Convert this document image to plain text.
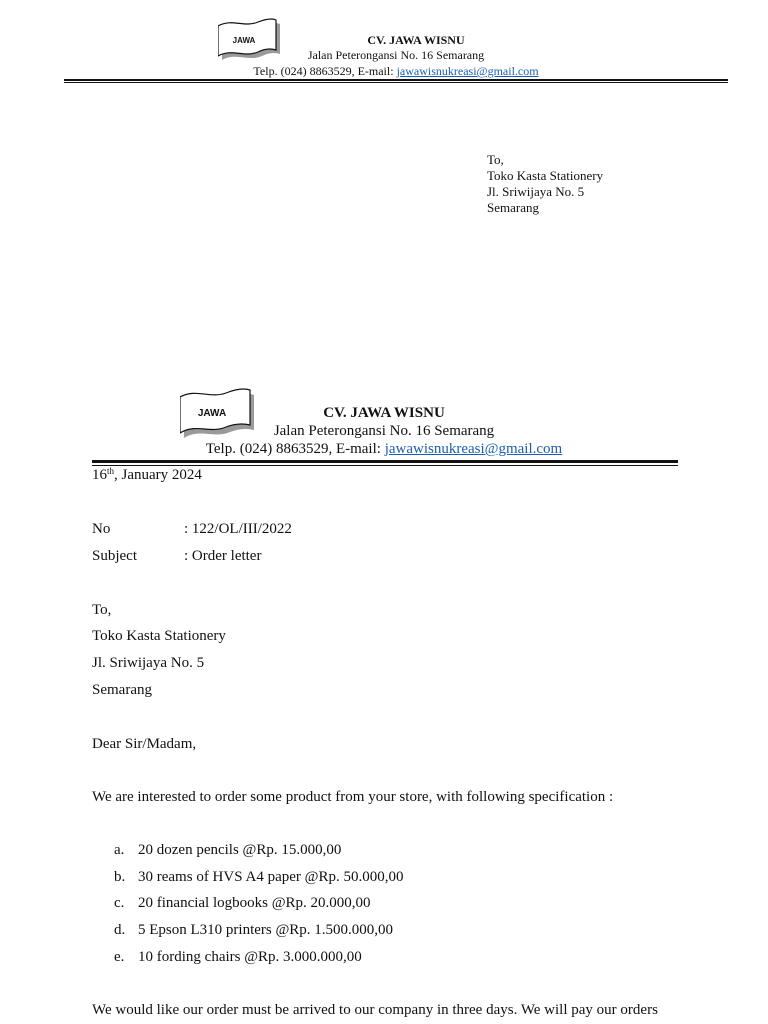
JAWA	CV. JAWA WISNU
Jalan Peterongansi No. 16 Semarang
Telp. (024) 8863529, E-mail: jawawisnukreasi@gmail.com
To,
Toko Kasta Stationery
Jl. Sriwijaya No. 5
Semarang
JAWA	CV. JAWA WISNU
Jalan Peterongansi No. 16 Semarang
Telp. (024) 8863529, E-mail: jawawisnukreasi@gmail.com
16th, January 2024
No	: 122/OL/III/2022
Subject	: Order letter
To,
Toko Kasta Stationery
Jl. Sriwijaya No. 5
Semarang
Dear Sir/Madam,
We are interested to order some product from your store, with following specification :
a. 20 dozen pencils @Rp. 15.000,00
b. 30 reams of HVS A4 paper @Rp. 50.000,00
c. 20 financial logbooks @Rp. 20.000,00
d. 5 Epson L310 printers @Rp. 1.500.000,00
e. 10 fording chairs @Rp. 3.000.000,00
We would like our order must be arrived to our company in three days. We will pay our orders
